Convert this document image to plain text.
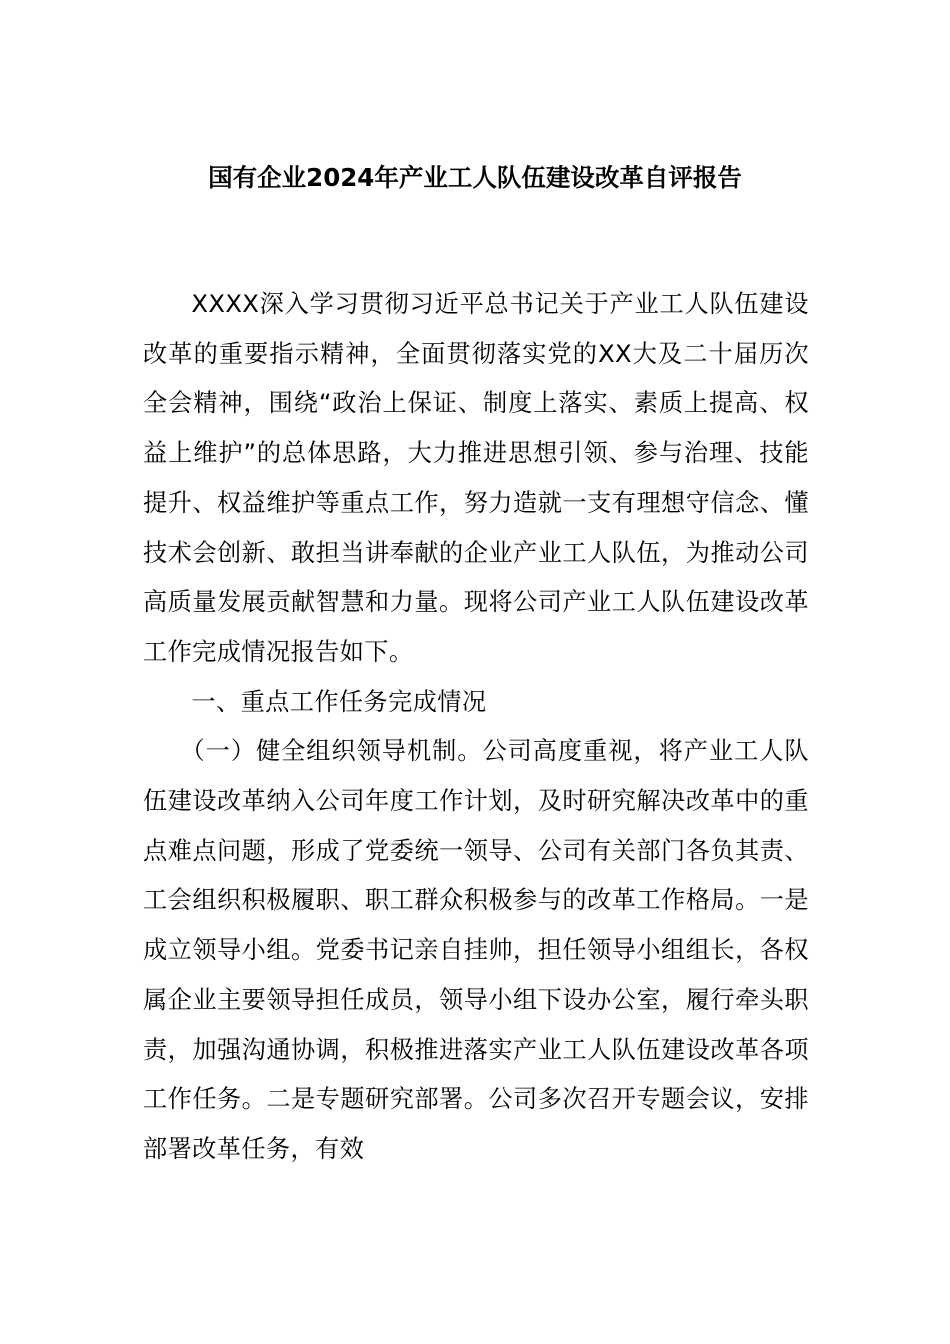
国有企业2024年产业工人队伍建设改革自评报告

XXXX深入学习贯彻习近平总书记关于产业工人队伍建设改革的重要指示精神，全面贯彻落实党的XX大及二十届历次全会精神，围绕“政治上保证、制度上落实、素质上提高、权益上维护”的总体思路，大力推进思想引领、参与治理、技能提升、权益维护等重点工作，努力造就一支有理想守信念、懂技术会创新、敢担当讲奉献的企业产业工人队伍，为推动公司高质量发展贡献智慧和力量。现将公司产业工人队伍建设改革工作完成情况报告如下。

一、重点工作任务完成情况

（一）健全组织领导机制。公司高度重视，将产业工人队伍建设改革纳入公司年度工作计划，及时研究解决改革中的重点难点问题，形成了党委统一领导、公司有关部门各负其责、工会组织积极履职、职工群众积极参与的改革工作格局。一是成立领导小组。党委书记亲自挂帅，担任领导小组组长，各权属企业主要领导担任成员，领导小组下设办公室，履行牵头职责，加强沟通协调，积极推进落实产业工人队伍建设改革各项工作任务。二是专题研究部署。公司多次召开专题会议，安排部署改革任务，有效
